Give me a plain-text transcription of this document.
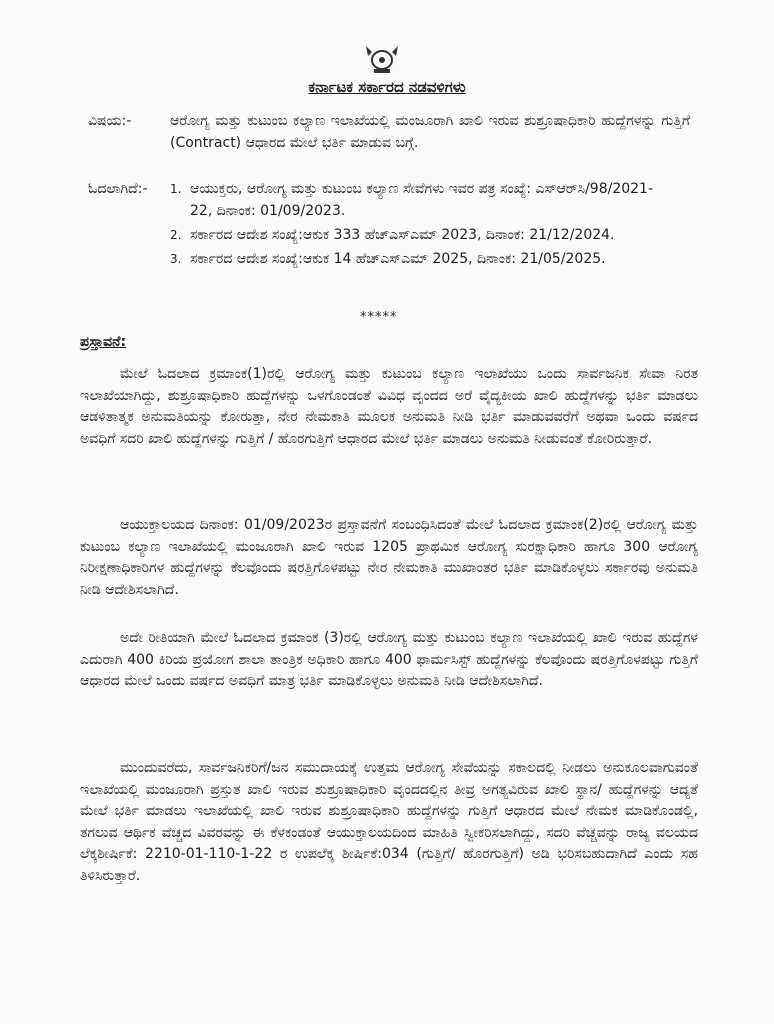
ಕರ್ನಾಟಕ ಸರ್ಕಾರದ ನಡವಳಿಗಳು
ವಿಷಯ:-	ಆರೋಗ್ಯ ಮತ್ತು ಕುಟುಂಬ ಕಲ್ಯಾಣ ಇಲಾಖೆಯಲ್ಲಿ ಮಂಜೂರಾಗಿ ಖಾಲಿ ಇರುವ ಶುಶ್ರೂಷಾಧಿಕಾರಿ ಹುದ್ದೆಗಳನ್ನು ಗುತ್ತಿಗೆ (Contract) ಆಧಾರದ ಮೇಲೆ ಭರ್ತಿ ಮಾಡುವ ಬಗ್ಗೆ.
ಓದಲಾಗಿದೆ:-	1. ಆಯುಕ್ತರು, ಆರೋಗ್ಯ ಮತ್ತು ಕುಟುಂಬ ಕಲ್ಯಾಣ ಸೇವೆಗಳು ಇವರ ಪತ್ರ ಸಂಖ್ಯೆ: ಎಸ್‌ಆರ್‌ಸಿ/98/2021-22, ದಿನಾಂಕ: 01/09/2023.
2. ಸರ್ಕಾರದ ಆದೇಶ ಸಂಖ್ಯೆ:ಆಕುಕ 333 ಹೆಚ್‌ಎಸ್‌ಎಮ್ 2023, ದಿನಾಂಕ: 21/12/2024.
3. ಸರ್ಕಾರದ ಆದೇಶ ಸಂಖ್ಯೆ:ಆಕುಕ 14 ಹೆಚ್‌ಎಸ್‌ಎಮ್ 2025, ದಿನಾಂಕ: 21/05/2025.
*****
ಪ್ರಸ್ತಾವನೆ:
ಮೇಲೆ ಓದಲಾದ ಕ್ರಮಾಂಕ(1)ರಲ್ಲಿ ಆರೋಗ್ಯ ಮತ್ತು ಕುಟುಂಬ ಕಲ್ಯಾಣ ಇಲಾಖೆಯು ಒಂದು ಸಾರ್ವಜನಿಕ ಸೇವಾ ನಿರತ ಇಲಾಖೆಯಾಗಿದ್ದು, ಶುಶ್ರೂಷಾಧಿಕಾರಿ ಹುದ್ದೆಗಳನ್ನು ಒಳಗೊಂಡಂತೆ ವಿವಿಧ ವೃಂದದ ಅರೆ ವೈದ್ಯಕೀಯ ಖಾಲಿ ಹುದ್ದೆಗಳನ್ನು ಭರ್ತಿ ಮಾಡಲು ಆಡಳಿತಾತ್ಮಕ ಅನುಮತಿಯನ್ನು ಕೋರುತ್ತಾ, ನೇರ ನೇಮಕಾತಿ ಮೂಲಕ ಅನುಮತಿ ನೀಡಿ ಭರ್ತಿ ಮಾಡುವವರೆಗೆ ಅಥವಾ ಒಂದು ವರ್ಷದ ಅವಧಿಗೆ ಸದರಿ ಖಾಲಿ ಹುದ್ದೆಗಳನ್ನು ಗುತ್ತಿಗೆ / ಹೊರಗುತ್ತಿಗೆ ಆಧಾರದ ಮೇಲೆ ಭರ್ತಿ ಮಾಡಲು ಅನುಮತಿ ನೀಡುವಂತೆ ಕೋರಿರುತ್ತಾರೆ.
ಆಯುಕ್ತಾಲಯದ ದಿನಾಂಕ: 01/09/2023ರ ಪ್ರಸ್ತಾವನೆಗೆ ಸಂಬಂಧಿಸಿದಂತೆ ಮೇಲೆ ಓದಲಾದ ಕ್ರಮಾಂಕ(2)ರಲ್ಲಿ ಆರೋಗ್ಯ ಮತ್ತು ಕುಟುಂಬ ಕಲ್ಯಾಣ ಇಲಾಖೆಯಲ್ಲಿ ಮಂಜೂರಾಗಿ ಖಾಲಿ ಇರುವ 1205 ಪ್ರಾಥಮಿಕ ಆರೋಗ್ಯ ಸುರಕ್ಷಾಧಿಕಾರಿ ಹಾಗೂ 300 ಆರೋಗ್ಯ ನಿರೀಕ್ಷಣಾಧಿಕಾರಿಗಳ ಹುದ್ದೆಗಳನ್ನು ಕೆಲವೊಂದು ಷರತ್ತಿಗೊಳಪಟ್ಟು ನೇರ ನೇಮಕಾತಿ ಮುಖಾಂತರ ಭರ್ತಿ ಮಾಡಿಕೊಳ್ಳಲು ಸರ್ಕಾರವು ಅನುಮತಿ ನೀಡಿ ಆದೇಶಿಸಲಾಗಿದೆ.
ಅದೇ ರೀತಿಯಾಗಿ ಮೇಲೆ ಓದಲಾದ ಕ್ರಮಾಂಕ (3)ರಲ್ಲಿ ಆರೋಗ್ಯ ಮತ್ತು ಕುಟುಂಬ ಕಲ್ಯಾಣ ಇಲಾಖೆಯಲ್ಲಿ ಖಾಲಿ ಇರುವ ಹುದ್ದೆಗಳ ಎದುರಾಗಿ 400 ಕಿರಿಯ ಪ್ರಯೋಗ ಶಾಲಾ ತಾಂತ್ರಿಕ ಅಧಿಕಾರಿ ಹಾಗೂ 400 ಫಾರ್ಮಸಿಸ್ಟ್ ಹುದ್ದೆಗಳನ್ನು ಕೆಲವೊಂದು ಷರತ್ತಿಗೊಳಪಟ್ಟು ಗುತ್ತಿಗೆ ಆಧಾರದ ಮೇಲೆ ಒಂದು ವರ್ಷದ ಅವಧಿಗೆ ಮಾತ್ರ ಭರ್ತಿ ಮಾಡಿಕೊಳ್ಳಲು ಅನುಮತಿ ನೀಡಿ ಆದೇಶಿಸಲಾಗಿದೆ.
ಮುಂದುವರೆದು, ಸಾರ್ವಜನಿಕರಿಗೆ/ಜನ ಸಮುದಾಯಕ್ಕೆ ಉತ್ತಮ ಆರೋಗ್ಯ ಸೇವೆಯನ್ನು ಸಕಾಲದಲ್ಲಿ ನೀಡಲು ಅನುಕೂಲವಾಗುವಂತೆ ಇಲಾಖೆಯಲ್ಲಿ ಮಂಜೂರಾಗಿ ಪ್ರಸ್ತುತ ಖಾಲಿ ಇರುವ ಶುಶ್ರೂಷಾಧಿಕಾರಿ ವೃಂದದಲ್ಲಿನ ತೀವ್ರ ಅಗತ್ಯವಿರುವ ಖಾಲಿ ಸ್ಥಾನ/ ಹುದ್ದೆಗಳನ್ನು ಆದ್ಯತೆ ಮೇಲೆ ಭರ್ತಿ ಮಾಡಲು ಇಲಾಖೆಯಲ್ಲಿ ಖಾಲಿ ಇರುವ ಶುಶ್ರೂಷಾಧಿಕಾರಿ ಹುದ್ದೆಗಳನ್ನು ಗುತ್ತಿಗೆ ಆಧಾರದ ಮೇಲೆ ನೇಮಕ ಮಾಡಿಕೊಂಡಲ್ಲಿ, ತಗಲುವ ಆರ್ಥಿಕ ವೆಚ್ಚದ ವಿವರವನ್ನು ಈ ಕೆಳಕಂಡಂತೆ ಆಯುಕ್ತಾಲಯದಿಂದ ಮಾಹಿತಿ ಸ್ವೀಕರಿಸಲಾಗಿದ್ದು, ಸದರಿ ವೆಚ್ಚವನ್ನು ರಾಜ್ಯ ವಲಯದ ಲೆಕ್ಕಶೀರ್ಷಿಕೆ: 2210-01-110-1-22 ರ ಉಪಲೆಕ್ಕ ಶೀರ್ಷಿಕೆ:034 (ಗುತ್ತಿಗೆ/ ಹೊರಗುತ್ತಿಗೆ) ಅಡಿ ಭರಿಸಬಹುದಾಗಿದೆ ಎಂದು ಸಹ ತಿಳಿಸಿರುತ್ತಾರೆ.
